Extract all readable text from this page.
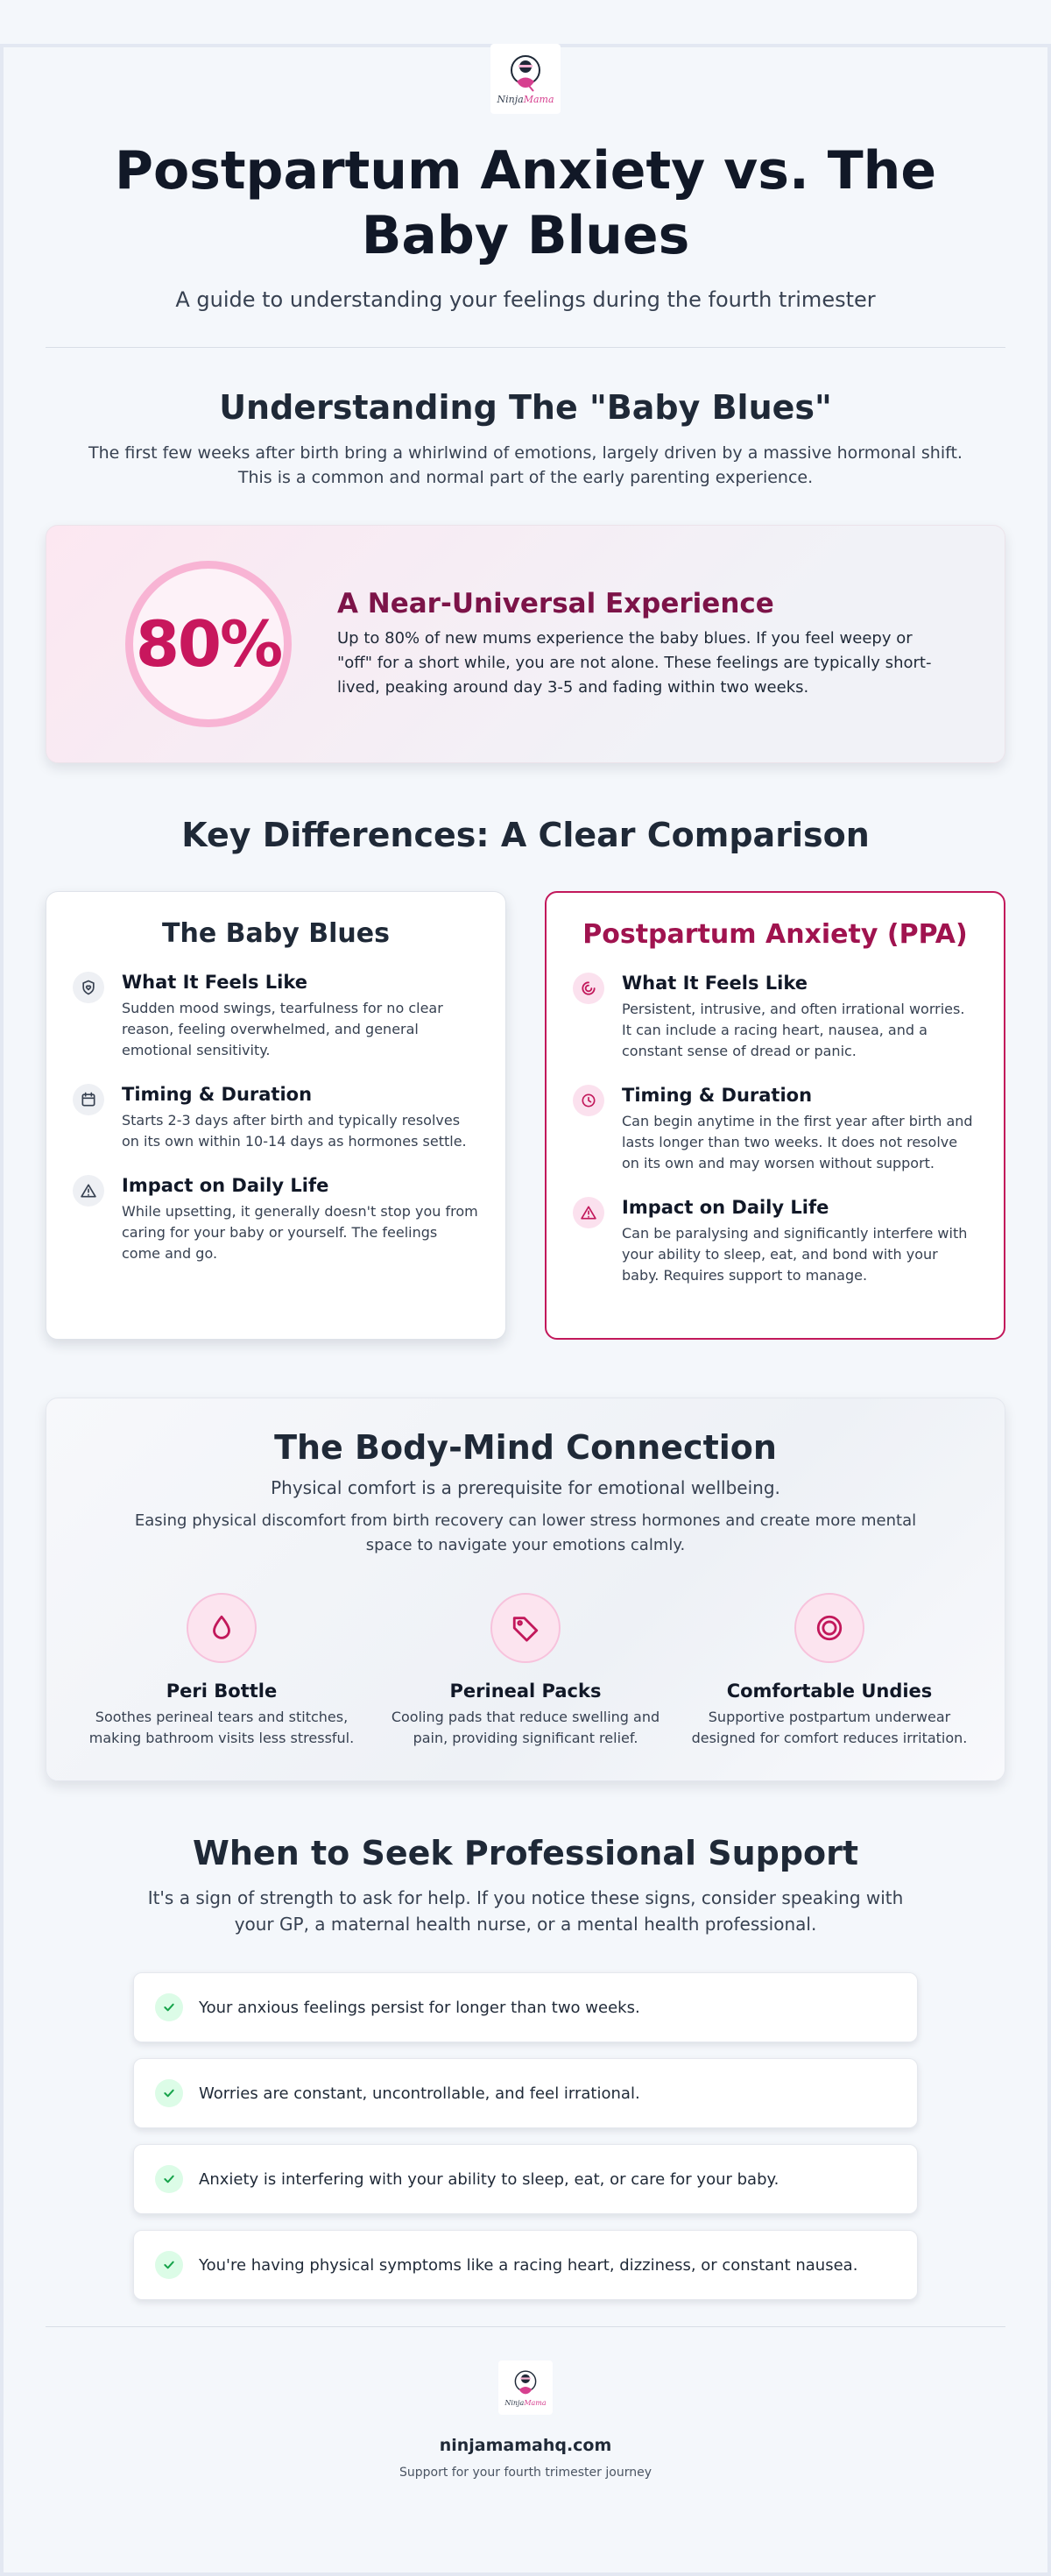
NinjaMama
Postpartum Anxiety vs. The Baby Blues

A guide to understanding your feelings during the fourth trimester

Understanding The "Baby Blues"

The first few weeks after birth bring a whirlwind of emotions, largely driven by a massive hormonal shift. This is a common and normal part of the early parenting experience.

80%
A Near-Universal Experience

Up to 80% of new mums experience the baby blues. If you feel weepy or "off" for a short while, you are not alone. These feelings are typically short-lived, peaking around day 3-5 and fading within two weeks.

Key Differences: A Clear Comparison
The Baby Blues
What It Feels Like

Sudden mood swings, tearfulness for no clear reason, feeling overwhelmed, and general emotional sensitivity.

Timing & Duration

Starts 2-3 days after birth and typically resolves on its own within 10-14 days as hormones settle.

Impact on Daily Life

While upsetting, it generally doesn't stop you from caring for your baby or yourself. The feelings come and go.

Postpartum Anxiety (PPA)
What It Feels Like

Persistent, intrusive, and often irrational worries. It can include a racing heart, nausea, and a constant sense of dread or panic.

Timing & Duration

Can begin anytime in the first year after birth and lasts longer than two weeks. It does not resolve on its own and may worsen without support.

Impact on Daily Life

Can be paralysing and significantly interfere with your ability to sleep, eat, and bond with your baby. Requires support to manage.

The Body-Mind Connection

Physical comfort is a prerequisite for emotional wellbeing.

Easing physical discomfort from birth recovery can lower stress hormones and create more mental space to navigate your emotions calmly.

Peri Bottle

Soothes perineal tears and stitches, making bathroom visits less stressful.

Perineal Packs

Cooling pads that reduce swelling and pain, providing significant relief.

Comfortable Undies

Supportive postpartum underwear designed for comfort reduces irritation.

When to Seek Professional Support

It's a sign of strength to ask for help. If you notice these signs, consider speaking with your GP, a maternal health nurse, or a mental health professional.

Your anxious feelings persist for longer than two weeks.
Worries are constant, uncontrollable, and feel irrational.
Anxiety is interfering with your ability to sleep, eat, or care for your baby.
You're having physical symptoms like a racing heart, dizziness, or constant nausea.
NinjaMama

ninjamamahq.com

Support for your fourth trimester journey
